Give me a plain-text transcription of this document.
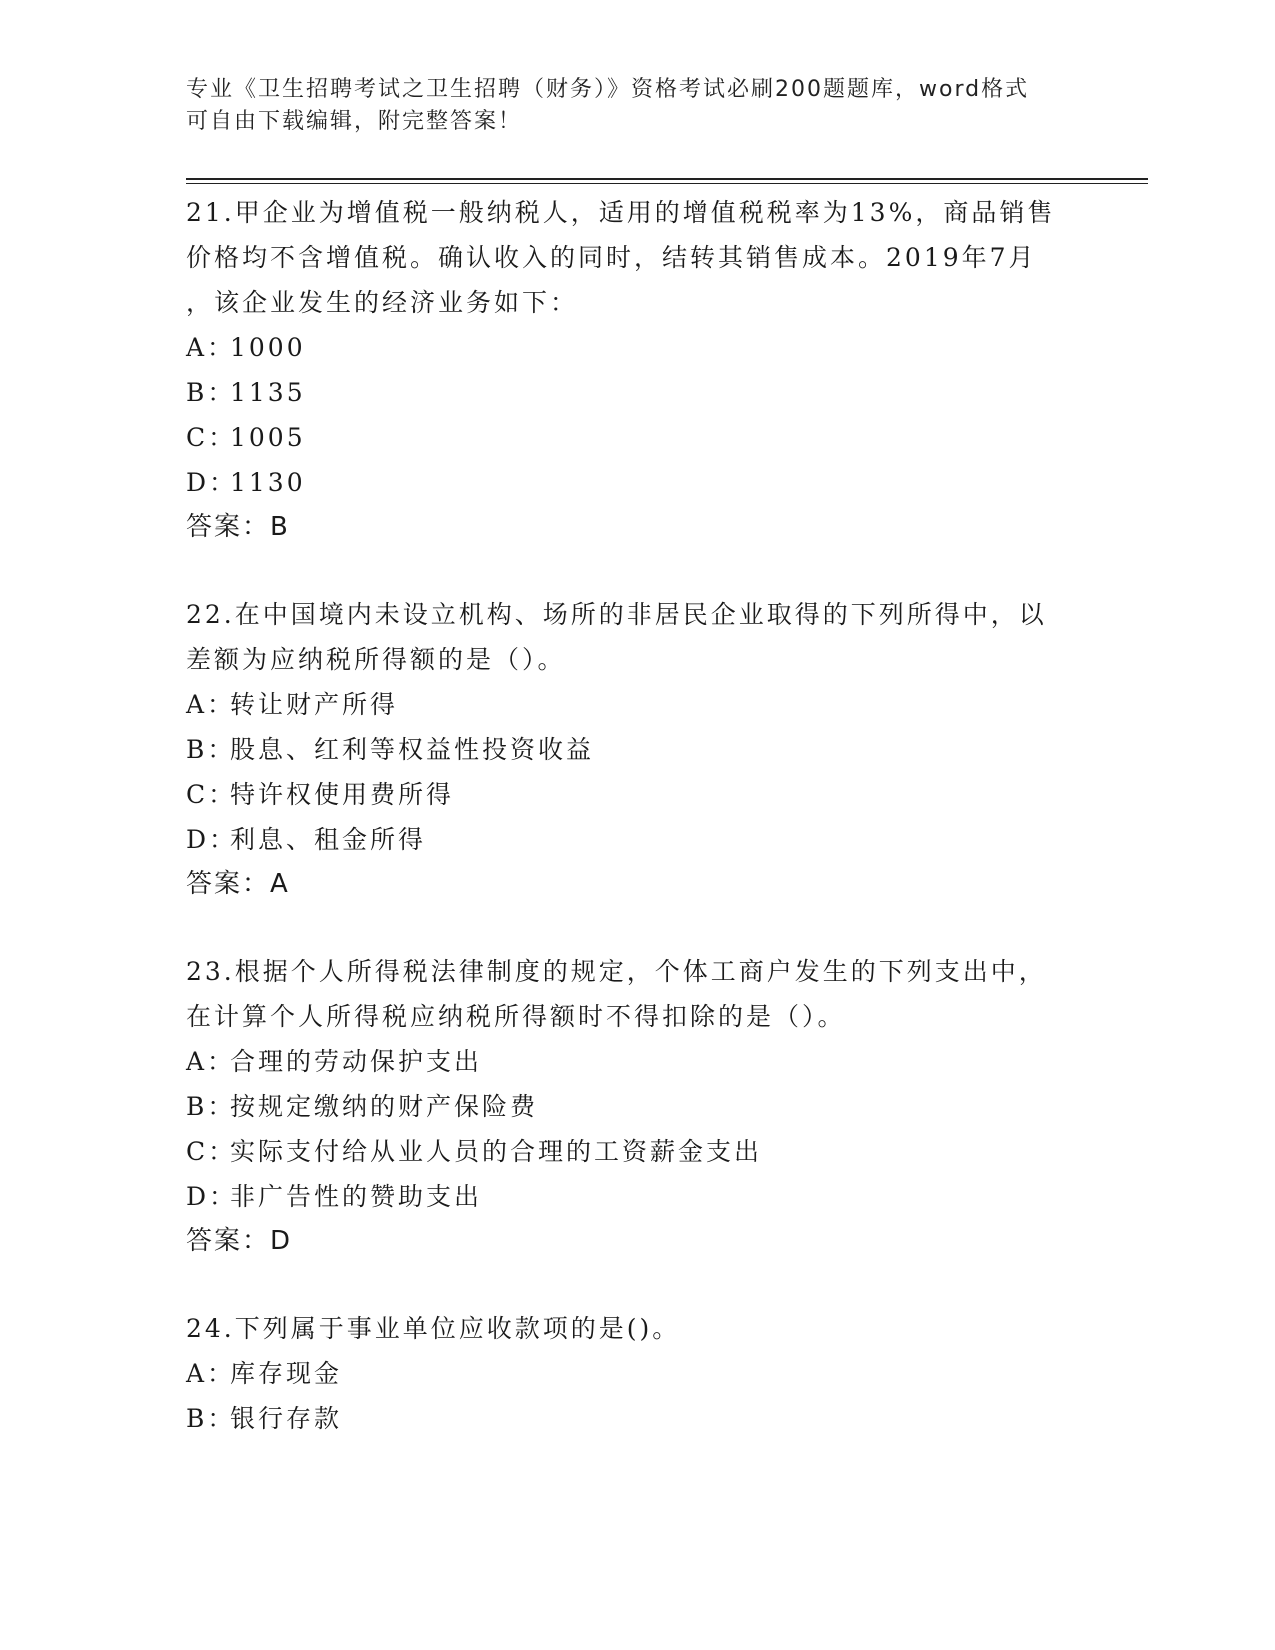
专业《卫生招聘考试之卫生招聘（财务）》资格考试必刷200题题库，word格式
可自由下载编辑，附完整答案！

21.甲企业为增值税一般纳税人，适用的增值税税率为13%，商品销售
价格均不含增值税。确认收入的同时，结转其销售成本。2019年7月
，该企业发生的经济业务如下：

A：1000
B：1135
C：1005
D：1130
答案：B

22.在中国境内未设立机构、场所的非居民企业取得的下列所得中，以
差额为应纳税所得额的是（）。

A：转让财产所得
B：股息、红利等权益性投资收益
C：特许权使用费所得
D：利息、租金所得
答案：A

23.根据个人所得税法律制度的规定，个体工商户发生的下列支出中，
在计算个人所得税应纳税所得额时不得扣除的是（）。

A：合理的劳动保护支出
B：按规定缴纳的财产保险费
C：实际支付给从业人员的合理的工资薪金支出
D：非广告性的赞助支出
答案：D

24.下列属于事业单位应收款项的是()。

A：库存现金
B：银行存款
